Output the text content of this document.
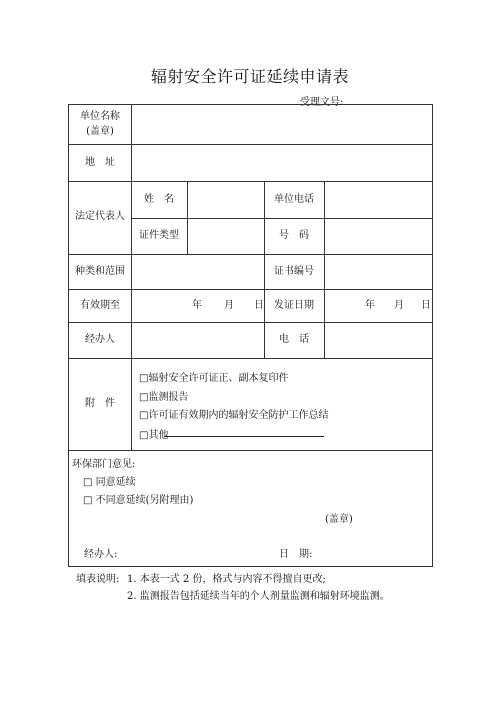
辐射安全许可证延续申请表
受理文号:
单位名称
(盖章)
地　址
法定代表人
姓　名	单位电话
证件类型	号　码
种类和范围	证书编号
有效期至	年 月 日	发证日期	年 月 日
经办人	电　话
附　件
□辐射安全许可证正、副本复印件
□监测报告
□许可证有效期内的辐射安全防护工作总结
□其他
环保部门意见:
□ 同意延续
□ 不同意延续(另附理由)
(盖章)
经办人:	日　期:
填表说明: 1. 本表一式 2 份，格式与内容不得擅自更改;
2. 监测报告包括延续当年的个人剂量监测和辐射环境监测。
